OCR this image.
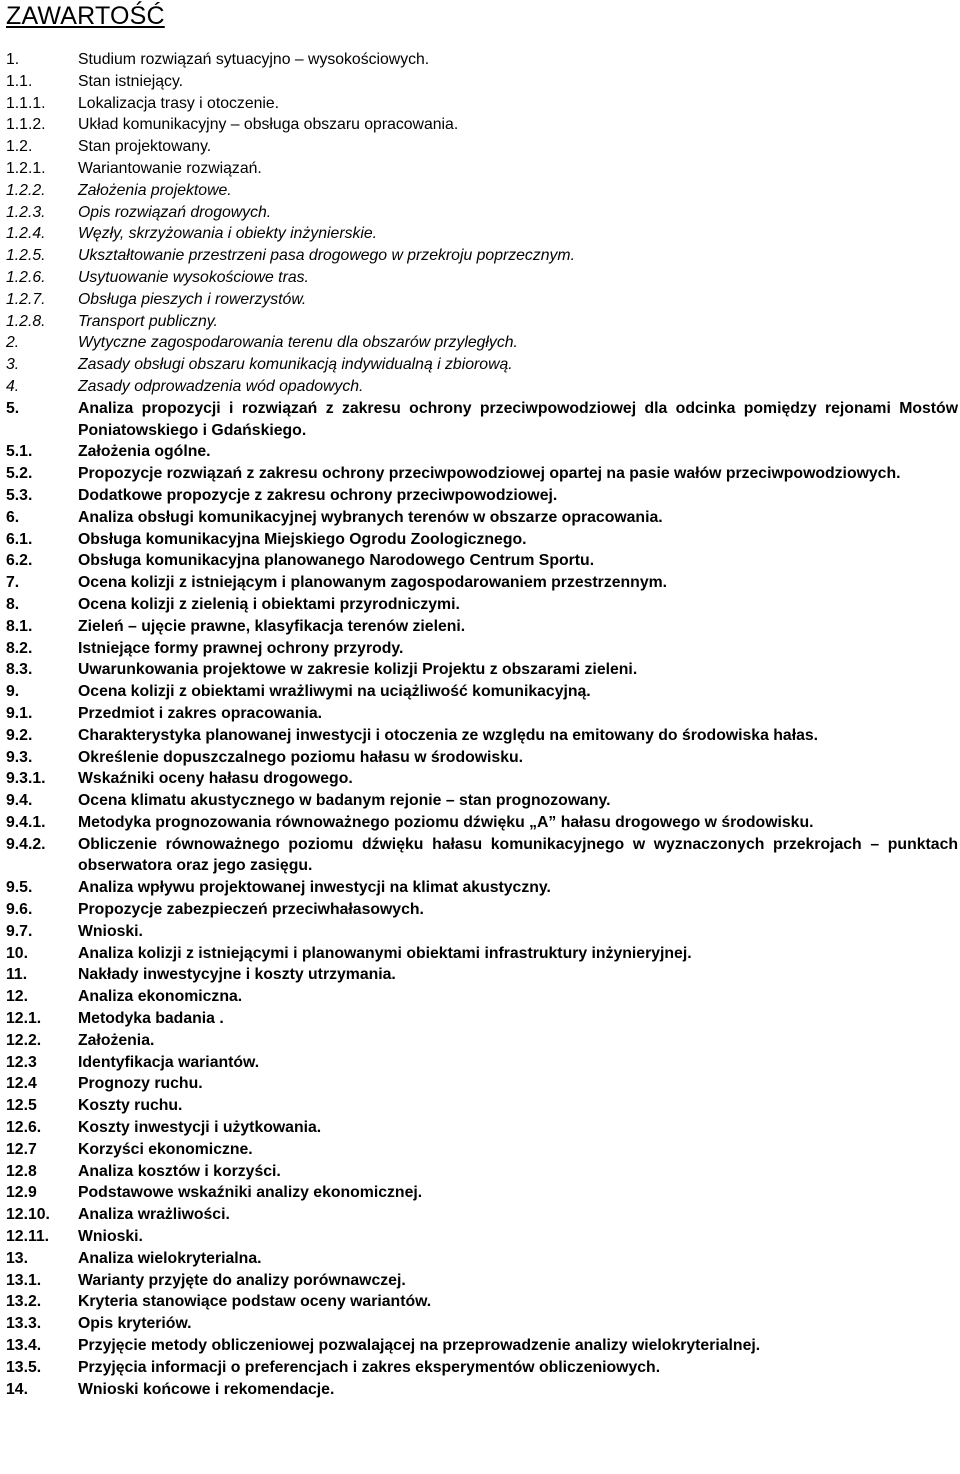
ZAWARTOŚĆ
1.	Studium rozwiązań sytuacyjno – wysokościowych.
1.1.	Stan istniejący.
1.1.1. Lokalizacja trasy i otoczenie.
1.1.2. Układ komunikacyjny – obsługa obszaru opracowania.
1.2.	Stan projektowany.
1.2.1. Wariantowanie rozwiązań.
1.2.2. Założenia projektowe.
1.2.3. Opis rozwiązań drogowych.
1.2.4. Węzły, skrzyżowania i obiekty inżynierskie.
1.2.5. Ukształtowanie przestrzeni pasa drogowego w przekroju poprzecznym.
1.2.6. Usytuowanie wysokościowe tras.
1.2.7. Obsługa pieszych i rowerzystów.
1.2.8. Transport publiczny.
2.	Wytyczne zagospodarowania terenu dla obszarów przyległych.
3.	Zasady obsługi obszaru komunikacją indywidualną i zbiorową.
4.	Zasady odprowadzenia wód opadowych.
5.	Analiza propozycji i rozwiązań z zakresu ochrony przeciwpowodziowej dla odcinka pomiędzy rejonami Mostów Poniatowskiego i Gdańskiego.
5.1.	Założenia ogólne.
5.2.	Propozycje rozwiązań z zakresu ochrony przeciwpowodziowej opartej na pasie wałów przeciwpowodziowych.
5.3.	Dodatkowe propozycje z zakresu ochrony przeciwpowodziowej.
6.	Analiza obsługi komunikacyjnej wybranych terenów w obszarze opracowania.
6.1.	Obsługa komunikacyjna Miejskiego Ogrodu Zoologicznego.
6.2.	Obsługa komunikacyjna planowanego Narodowego Centrum Sportu.
7.	Ocena kolizji z istniejącym i planowanym zagospodarowaniem przestrzennym.
8.	Ocena kolizji z zielenią i obiektami przyrodniczymi.
8.1.	Zieleń – ujęcie prawne, klasyfikacja terenów zieleni.
8.2.	Istniejące formy prawnej ochrony przyrody.
8.3.	Uwarunkowania projektowe w zakresie kolizji Projektu z obszarami zieleni.
9.	Ocena kolizji z obiektami wrażliwymi na uciążliwość komunikacyjną.
9.1.	Przedmiot i zakres opracowania.
9.2.	Charakterystyka planowanej inwestycji i otoczenia ze względu na emitowany do środowiska hałas.
9.3.	Określenie dopuszczalnego poziomu hałasu w środowisku.
9.3.1. Wskaźniki oceny hałasu drogowego.
9.4.	Ocena klimatu akustycznego w badanym rejonie – stan prognozowany.
9.4.1. Metodyka prognozowania równoważnego poziomu dźwięku „A” hałasu drogowego w środowisku.
9.4.2. Obliczenie równoważnego poziomu dźwięku hałasu komunikacyjnego w wyznaczonych przekrojach – punktach obserwatora oraz jego zasięgu.
9.5.	Analiza wpływu projektowanej inwestycji na klimat akustyczny.
9.6.	Propozycje zabezpieczeń przeciwhałasowych.
9.7.	Wnioski.
10.	Analiza kolizji z istniejącymi i planowanymi obiektami infrastruktury inżynieryjnej.
11.	Nakłady inwestycyjne i koszty utrzymania.
12.	Analiza ekonomiczna.
12.1. Metodyka badania .
12.2. Założenia.
12.3	Identyfikacja wariantów.
12.4	Prognozy ruchu.
12.5	Koszty ruchu.
12.6. Koszty inwestycji i użytkowania.
12.7	Korzyści ekonomiczne.
12.8	Analiza kosztów i korzyści.
12.9	Podstawowe wskaźniki analizy ekonomicznej.
12.10. Analiza wrażliwości.
12.11. Wnioski.
13.	Analiza wielokryterialna.
13.1. Warianty przyjęte do analizy porównawczej.
13.2. Kryteria stanowiące podstaw oceny wariantów.
13.3. Opis kryteriów.
13.4. Przyjęcie metody obliczeniowej pozwalającej na przeprowadzenie analizy wielokryterialnej.
13.5. Przyjęcia informacji o preferencjach i zakres eksperymentów obliczeniowych.
14.	Wnioski końcowe i rekomendacje.
